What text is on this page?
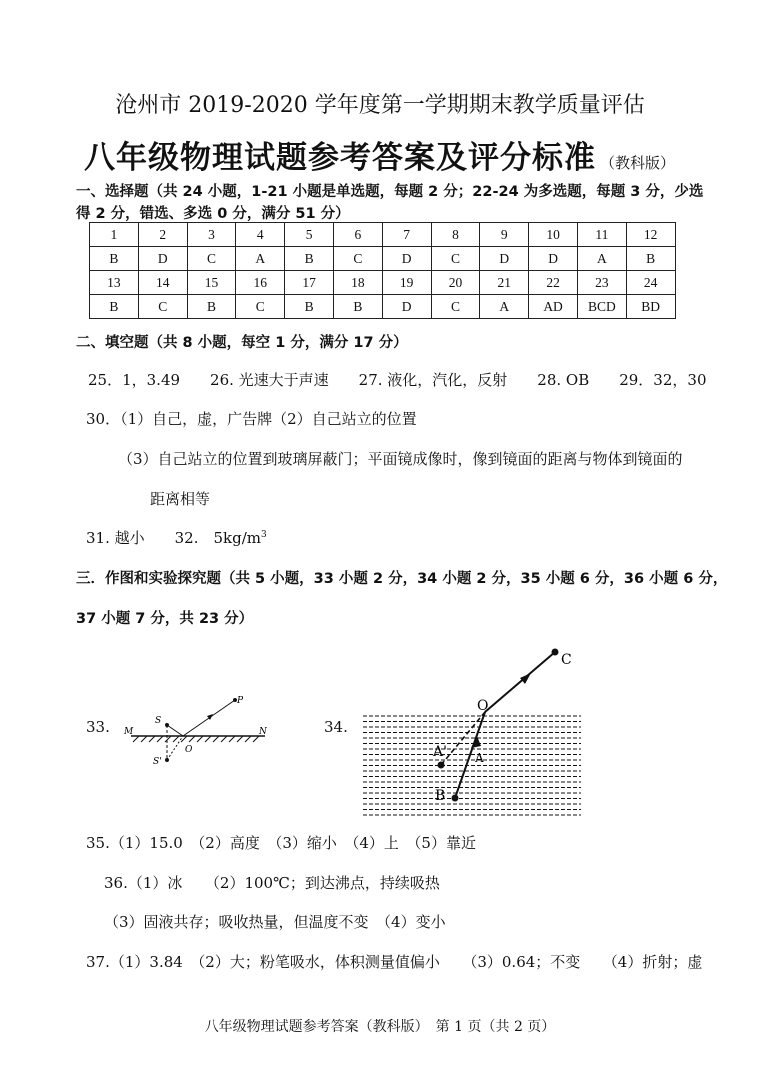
沧州市 2019-2020 学年度第一学期期末教学质量评估
八年级物理试题参考答案及评分标准 （教科版）
一、选择题（共 24 小题，1-21 小题是单选题，每题 2 分；22-24 为多选题，每题 3 分，少选
得 2 分，错选、多选 0 分，满分 51 分）
1	2	3	4	5	6	7	8	9	10	11	12
B	D	C	A	B	C	D	C	D	D	A	B
13	14	15	16	17	18	19	20	21	22	23	24
B	C	B	C	B	B	D	C	A	AD	BCD	BD
二、填空题（共 8 小题，每空 1 分，满分 17 分）
25．1，3.49　　26. 光速大于声速　　27. 液化，汽化，反射　　28. OB　　29．32，30
30．（1）自己，虚，广告牌（2）自己站立的位置
（3）自己站立的位置到玻璃屏蔽门；平面镜成像时，像到镜面的距离与物体到镜面的
距离相等
31. 越小　　32.　$5kg/m^3$
三．作图和实验探究题（共 5 小题，33 小题 2 分，34 小题 2 分，35 小题 6 分，36 小题 6 分，
37 小题 7 分，共 23 分）
33.	S
P
M	N
O
S'
34.
C
O
A' A
B
35.（1）15.0　（2）高度　（3）缩小　（4）上　（5）靠近
36.（1）冰　　（2）100℃；到达沸点，持续吸热
（3）固液共存；吸收热量，但温度不变　（4）变小
37.（1）3.84　（2）大；粉笔吸水，体积测量值偏小　　（3）0.64；不变　　（4）折射；虚
八年级物理试题参考答案（教科版）　第 1 页（共 2 页）
